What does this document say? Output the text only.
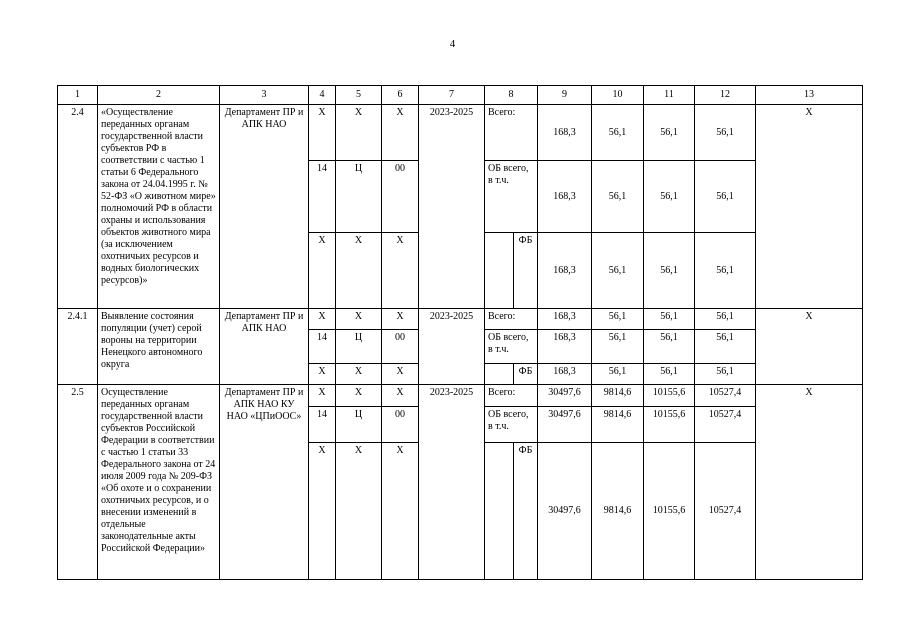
4
1	2	3	4	5	6	7	8		9	10	11	12	13
2.4	«Осуществление переданных органам государственной власти субъектов РФ в соответствии с частью 1 статьи 6 Федерального закона от 24.04.1995 г. № 52-ФЗ «О животном мире» полномочий РФ в области охраны и использования объектов животного мира (за исключением охотничьих ресурсов и водных биологических ресурсов)»	Департамент ПР и АПК НАО	Х	Х	Х	2023-2025	Всего:		168,3	56,1	56,1	56,1	Х
			14	Ц	00		ОБ всего, в т.ч.		168,3	56,1	56,1	56,1	
			Х	Х	Х			ФБ	168,3	56,1	56,1	56,1	
2.4.1	Выявление состояния популяции (учет) серой вороны на территории Ненецкого автономного округа	Департамент ПР и АПК НАО	Х	Х	Х	2023-2025	Всего:		168,3	56,1	56,1	56,1	Х
			14	Ц	00		ОБ всего, в т.ч.		168,3	56,1	56,1	56,1	
			Х	Х	Х			ФБ	168,3	56,1	56,1	56,1	
2.5	Осуществление переданных органам государственной власти субъектов Российской Федерации в соответствии с частью 1 статьи 33 Федерального закона от 24 июля 2009 года № 209-ФЗ «Об охоте и о сохранении охотничьих ресурсов, и о внесении изменений в отдельные законодательные акты Российской Федерации»	Департамент ПР и АПК НАО КУ НАО «ЦПиООС»	Х	Х	Х	2023-2025	Всего:		30497,6	9814,6	10155,6	10527,4	Х
			14	Ц	00		ОБ всего, в т.ч.		30497,6	9814,6	10155,6	10527,4	
			Х	Х	Х			ФБ	30497,6	9814,6	10155,6	10527,4	
